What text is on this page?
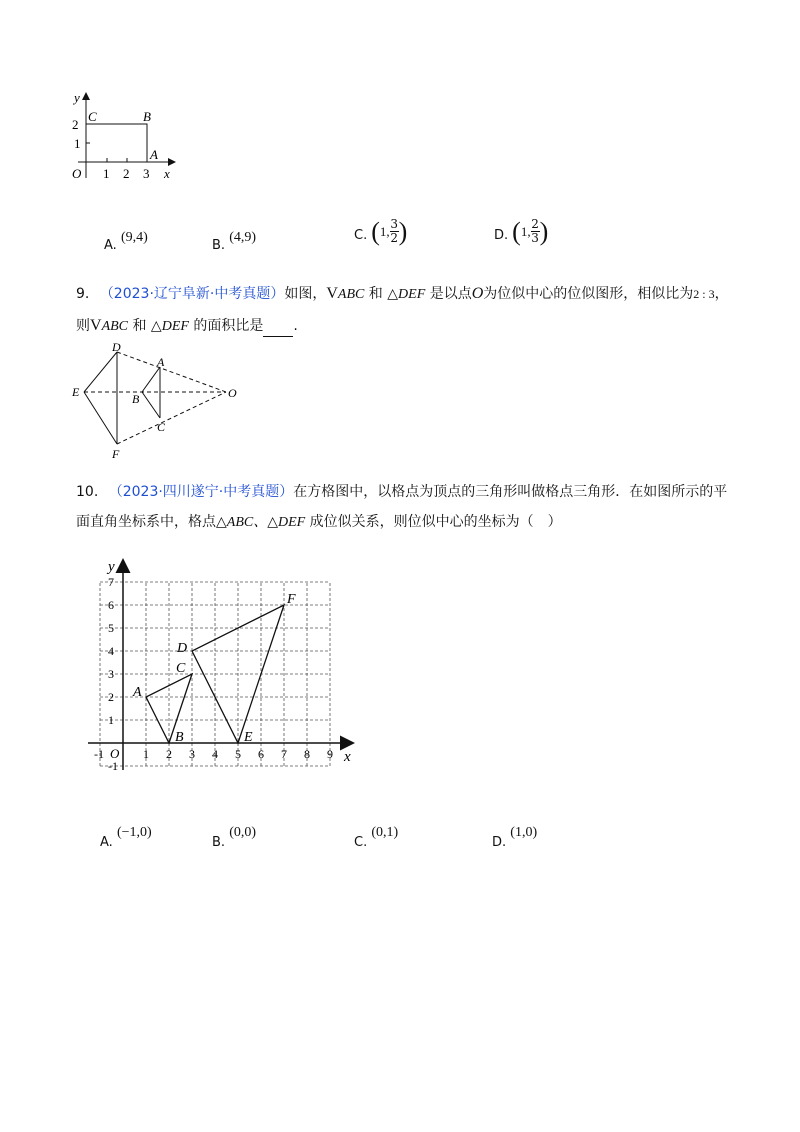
y
2
1
C	B
A
O	x
1 2 3
A. (9,4)
B. (4,9)	C. ( 1, $\frac{3}{2}$ )	D. ( 1, $\frac{2}{3}$ )
9. （2023·辽宁阜新·中考真题）如图，VABC 和 △DEF 是以点O为位似中心的位似图形，相似比为2 : 3，
则VABC 和 △DEF 的面积比是 .
D
A
E	B	O
C
F
10. （2023·四川遂宁·中考真题）在方格图中，以格点为顶点的三角形叫做格点三角形．在如图所示的平
面直角坐标系中，格点△ABC、△DEF 成位似关系，则位似中心的坐标为（　）
7
6
5
4
3
2
1
-1
-1 O 1 2 3 4 5 6 7 8 9
y
x
A
B
C
D
E
F
A. (−1,0)
B. (0,0)
C. (0,1)
D. (1,0)
